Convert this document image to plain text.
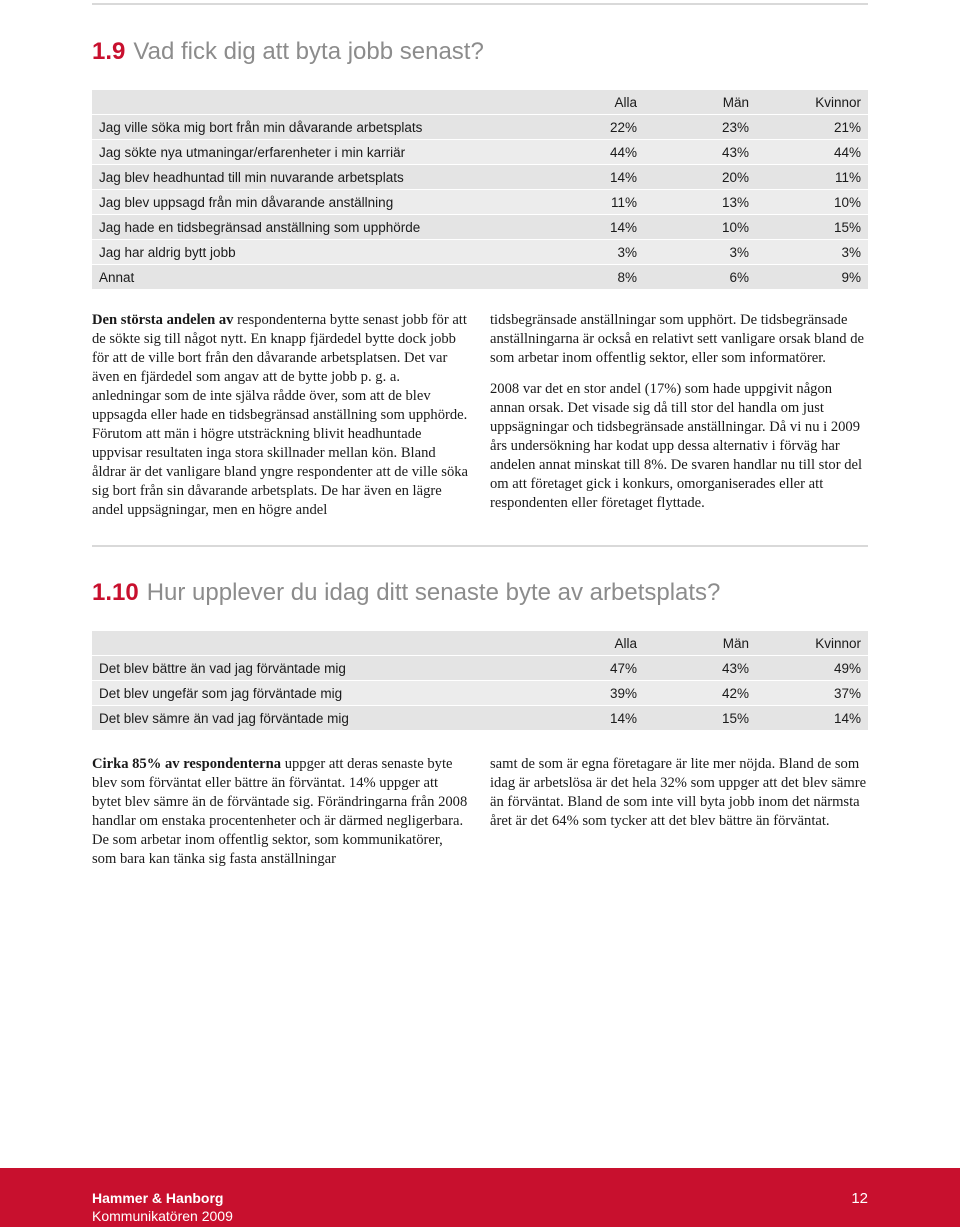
1.9 Vad fick dig att byta jobb senast?
	Alla	Män	Kvinnor
Jag ville söka mig bort från min dåvarande arbetsplats	22%	23%	21%
Jag sökte nya utmaningar/erfarenheter i min karriär	44%	43%	44%
Jag blev headhuntad till min nuvarande arbetsplats	14%	20%	11%
Jag blev uppsagd från min dåvarande anställning	11%	13%	10%
Jag hade en tidsbegränsad anställning som upphörde	14%	10%	15%
Jag har aldrig bytt jobb	3%	3%	3%
Annat	8%	6%	9%

Den största andelen av respondenterna bytte senast jobb för att de sökte sig till något nytt. En knapp fjärdedel bytte dock jobb för att de ville bort från den dåvarande arbetsplatsen. Det var även en fjärdedel som angav att de bytte jobb p. g. a. anledningar som de inte själva rådde över, som att de blev uppsagda eller hade en tidsbegränsad anställning som upphörde. Förutom att män i högre utsträckning blivit headhuntade uppvisar resultaten inga stora skillnader mellan kön. Bland åldrar är det vanligare bland yngre respondenter att de ville söka sig bort från sin dåvarande arbetsplats. De har även en lägre andel uppsägningar, men en högre andel

tidsbegränsade anställningar som upphört. De tidsbegränsade anställningarna är också en relativt sett vanligare orsak bland de som arbetar inom offentlig sektor, eller som informatörer.

2008 var det en stor andel (17%) som hade uppgivit någon annan orsak. Det visade sig då till stor del handla om just uppsägningar och tidsbegränsade anställningar. Då vi nu i 2009 års undersökning har kodat upp dessa alternativ i förväg har andelen annat minskat till 8%. De svaren handlar nu till stor del om att företaget gick i konkurs, omorganiserades eller att respondenten eller företaget flyttade.

1.10 Hur upplever du idag ditt senaste byte av arbetsplats?
	Alla	Män	Kvinnor
Det blev bättre än vad jag förväntade mig	47%	43%	49%
Det blev ungefär som jag förväntade mig	39%	42%	37%
Det blev sämre än vad jag förväntade mig	14%	15%	14%

Cirka 85% av respondenterna uppger att deras senaste byte blev som förväntat eller bättre än förväntat. 14% uppger att bytet blev sämre än de förväntade sig. Förändringarna från 2008 handlar om enstaka procentenheter och är därmed negligerbara. De som arbetar inom offentlig sektor, som kommunikatörer, som bara kan tänka sig fasta anställningar

samt de som är egna företagare är lite mer nöjda. Bland de som idag är arbetslösa är det hela 32% som uppger att det blev sämre än förväntat. Bland de som inte vill byta jobb inom det närmsta året är det 64% som tycker att det blev bättre än förväntat.

Hammer & Hanborg
Kommunikatören 2009
12
